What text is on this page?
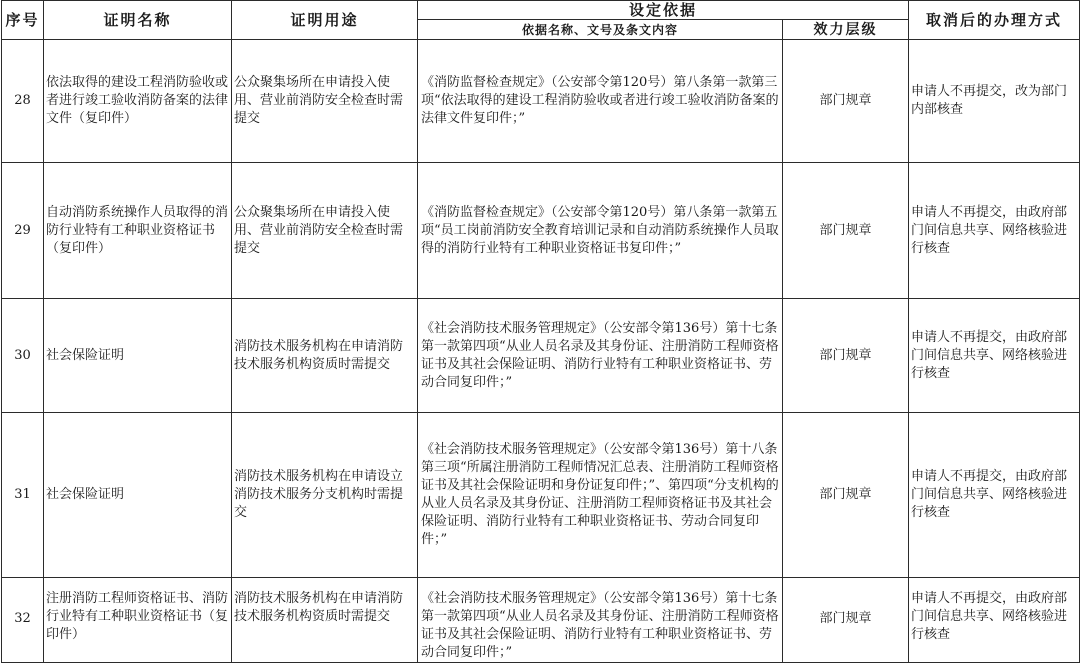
序号	证明名称	证明用途	设定依据		取消后的办理方式
			依据名称、文号及条文内容	效力层级	
28	依法取得的建设工程消防验收或者进行竣工验收消防备案的法律文件（复印件）	公众聚集场所在申请投入使用、营业前消防安全检查时需提交	《消防监督检查规定》（公安部令第120号）第八条第一款第三项“依法取得的建设工程消防验收或者进行竣工验收消防备案的法律文件复印件；”	部门规章	申请人不再提交，改为部门内部核查
29	自动消防系统操作人员取得的消防行业特有工种职业资格证书（复印件）	公众聚集场所在申请投入使用、营业前消防安全检查时需提交	《消防监督检查规定》（公安部令第120号）第八条第一款第五项“员工岗前消防安全教育培训记录和自动消防系统操作人员取得的消防行业特有工种职业资格证书复印件；”	部门规章	申请人不再提交，由政府部门间信息共享、网络核验进行核查
30	社会保险证明	消防技术服务机构在申请消防技术服务机构资质时需提交	《社会消防技术服务管理规定》（公安部令第136号）第十七条第一款第四项“从业人员名录及其身份证、注册消防工程师资格证书及其社会保险证明、消防行业特有工种职业资格证书、劳动合同复印件；”	部门规章	申请人不再提交，由政府部门间信息共享、网络核验进行核查
31	社会保险证明	消防技术服务机构在申请设立消防技术服务分支机构时需提交	《社会消防技术服务管理规定》（公安部令第136号）第十八条第三项“所属注册消防工程师情况汇总表、注册消防工程师资格证书及其社会保险证明和身份证复印件；”、第四项“分支机构的从业人员名录及其身份证、注册消防工程师资格证书及其社会保险证明、消防行业特有工种职业资格证书、劳动合同复印件；”	部门规章	申请人不再提交，由政府部门间信息共享、网络核验进行核查

32	注册消防工程师资格证书、消防行业特有工种职业资格证书（复印件）	消防技术服务机构在申请消防技术服务机构资质时需提交	《社会消防技术服务管理规定》（公安部令第136号）第十七条第一款第四项“从业人员名录及其身份证、注册消防工程师资格证书及其社会保险证明、消防行业特有工种职业资格证书、劳动合同复印件；”	部门规章	申请人不再提交，由政府部门间信息共享、网络核验进行核查
